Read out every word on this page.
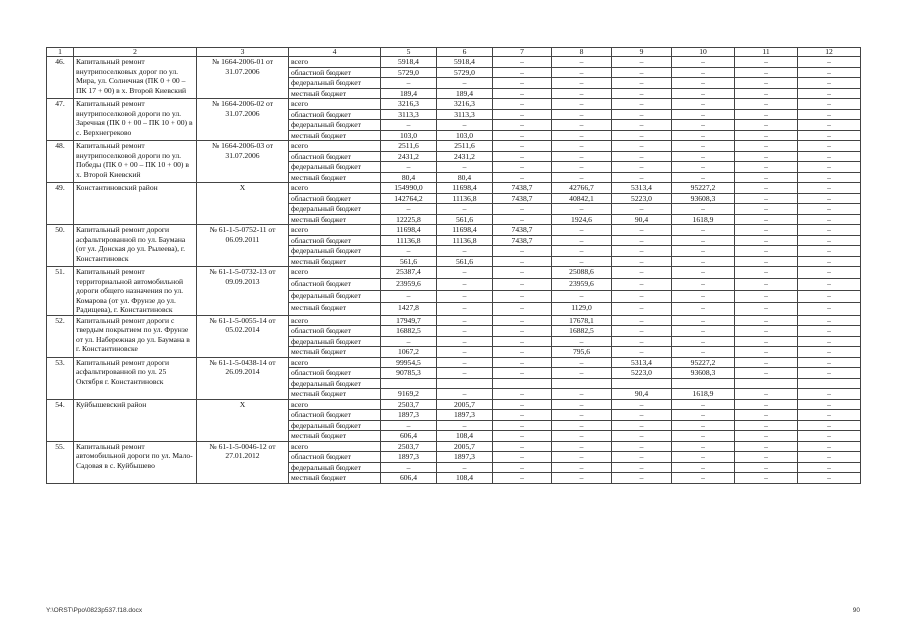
1	2	3	4	5	6	7	8	9	10	11	12
46.	Капитальный ремонт внутрипоселковых дорог по ул. Мира, ул. Солнечная (ПК 0 + 00 – ПК 17 + 00) в х. Второй Киевский	№ 1664-2006-01 от 31.07.2006	всего	5918,4	5918,4	–	–	–	–	–	–
			областной бюджет	5729,0	5729,0	–	–	–	–	–	–
			федеральный бюджет	–	–	–	–	–	–	–	–
			местный бюджет	189,4	189,4	–	–	–	–	–	–
47.	Капитальный ремонт внутрипоселковой дороги по ул. Заречная (ПК 0 + 00 – ПК 10 + 00) в с. Верхнегреково	№ 1664-2006-02 от 31.07.2006	всего	3216,3	3216,3	–	–	–	–	–	–
			областной бюджет	3113,3	3113,3	–	–	–	–	–	–
			федеральный бюджет	–	–	–	–	–	–	–	–
			местный бюджет	103,0	103,0	–	–	–	–	–	–
48.	Капитальный ремонт внутрипоселковой дороги по ул. Победы (ПК 0 + 00 – ПК 10 + 00) в х. Второй Киевский	№ 1664-2006-03 от 31.07.2006	всего	2511,6	2511,6	–	–	–	–	–	–
			областной бюджет	2431,2	2431,2	–	–	–	–	–	–
			федеральный бюджет	–	–	–	–	–	–	–	–
			местный бюджет	80,4	80,4	–	–	–	–	–	–
49.	Константиновский район	Х	всего	154990,0	11698,4	7438,7	42766,7	5313,4	95227,2	–	–
			областной бюджет	142764,2	11136,8	7438,7	40842,1	5223,0	93608,3	–	–
			федеральный бюджет	–	–	–	–	–	–	–	–
			местный бюджет	12225,8	561,6	–	1924,6	90,4	1618,9	–	–
50.	Капитальный ремонт дороги асфальтированной по ул. Баумана (от ул. Донская до ул. Рылеева), г. Константиновск	№ 61-1-5-0752-11 от 06.09.2011	всего	11698,4	11698,4	7438,7	–	–	–	–	–
			областной бюджет	11136,8	11136,8	7438,7	–	–	–	–	–
			федеральный бюджет	–	–	–	–	–	–	–	–
			местный бюджет	561,6	561,6	–	–	–	–	–	–
51.	Капитальный ремонт территориальной автомобильной дороги общего назначения по ул. Комарова (от ул. Фрунзе до ул. Радищева), г. Константиновск	№ 61-1-5-0732-13 от 09.09.2013	всего	25387,4	–	–	25088,6	–	–	–	–
			областной бюджет	23959,6	–	–	23959,6	–	–	–	–
			федеральный бюджет	–	–	–	–	–	–	–	–
			местный бюджет	1427,8	–	–	1129,0	–	–	–	–
52.	Капитальный ремонт дороги с твердым покрытием по ул. Фрунзе от ул. Набережная до ул. Баумана в г. Константиновске	№ 61-1-5-0055-14 от 05.02.2014	всего	17949,7	–	–	17678,1	–	–	–	–
			областной бюджет	16882,5	–	–	16882,5	–	–	–	–
			федеральный бюджет	–	–	–	–	–	–	–	–
			местный бюджет	1067,2	–	–	795,6	–	–	–	–
53.	Капитальный ремонт дороги асфальтированной по ул. 25 Октября г. Константиновск	№ 61-1-5-0438-14 от 26.09.2014	всего	99954,5	–	–	–	5313,4	95227,2	–	–
			областной бюджет	90785,3	–	–	–	5223,0	93608,3	–	–
			федеральный бюджет								
			местный бюджет	9169,2	–	–	–	90,4	1618,9	–	–
54.	Куйбышевский район	Х	всего	2503,7	2005,7	–	–	–	–	–	–
			областной бюджет	1897,3	1897,3	–	–	–	–	–	–
			федеральный бюджет	–	–	–	–	–	–	–	–
			местный бюджет	606,4	108,4	–	–	–	–	–	–
55.	Капитальный ремонт автомобильной дороги по ул. Мало-Садовая в с. Куйбышево	№ 61-1-5-0046-12 от 27.01.2012	всего	2503,7	2005,7	–	–	–	–	–	–
			областной бюджет	1897,3	1897,3	–	–	–	–	–	–
			федеральный бюджет	–	–	–	–	–	–	–	–
			местный бюджет	606,4	108,4	–	–	–	–	–	–
Y:\ORST\Ppo\0823p537.f18.docx	90
